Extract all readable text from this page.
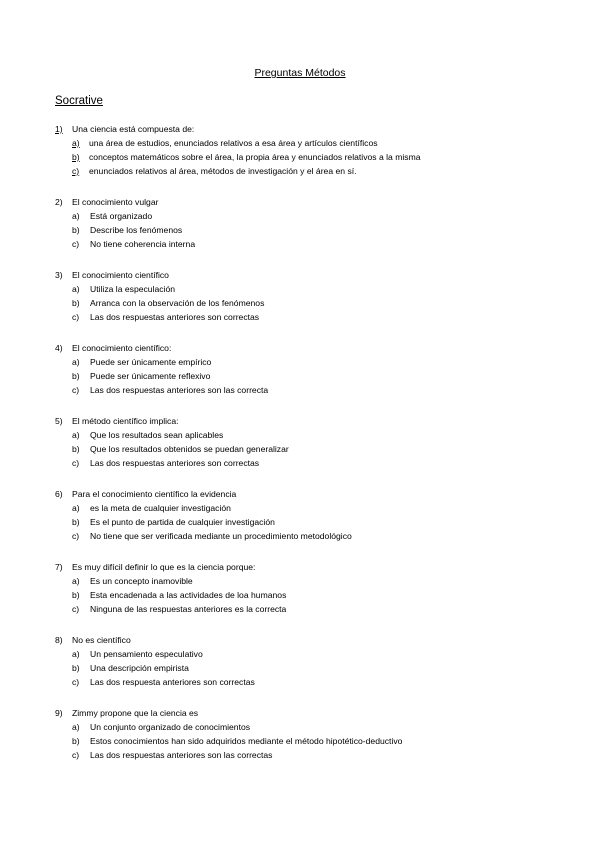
Preguntas Métodos
Socrative
1)	Una ciencia está compuesta de:
a)	una área de estudios, enunciados relativos a esa área y artículos científicos
b)	conceptos matemáticos sobre el área, la propia área y enunciados relativos a la misma
c)	enunciados relativos al área, métodos de investigación y el área en sí.
2)	El conocimiento vulgar
a)	Está organizado
b)	Describe los fenómenos
c)	No tiene coherencia interna
3)	El conocimiento científico
a)	Utiliza la especulación
b)	Arranca con la observación de los fenómenos
c)	Las dos respuestas anteriores son correctas
4)	El conocimiento científico:
a)	Puede ser únicamente empírico
b)	Puede ser únicamente reflexivo
c)	Las dos respuestas anteriores son las correcta
5)	El método científico implica:
a)	Que los resultados sean aplicables
b)	Que los resultados obtenidos se puedan generalizar
c)	Las dos respuestas anteriores son correctas
6)	Para el conocimiento científico la evidencia
a)	es la meta de cualquier investigación
b)	Es el punto de partida de cualquier investigación
c)	No tiene que ser verificada mediante un procedimiento metodológico
7)	Es muy difícil definir lo que es la ciencia porque:
a)	Es un concepto inamovible
b)	Esta encadenada a las actividades de loa humanos
c)	Ninguna de las respuestas anteriores es la correcta
8)	No es científico
a)	Un pensamiento especulativo
b)	Una descripción empirista
c)	Las dos respuesta anteriores son correctas
9)	Zimmy propone que la ciencia es
a)	Un conjunto organizado de conocimientos
b)	Estos conocimientos han sido adquiridos mediante el método hipotético-deductivo
c)	Las dos respuestas anteriores son las correctas
